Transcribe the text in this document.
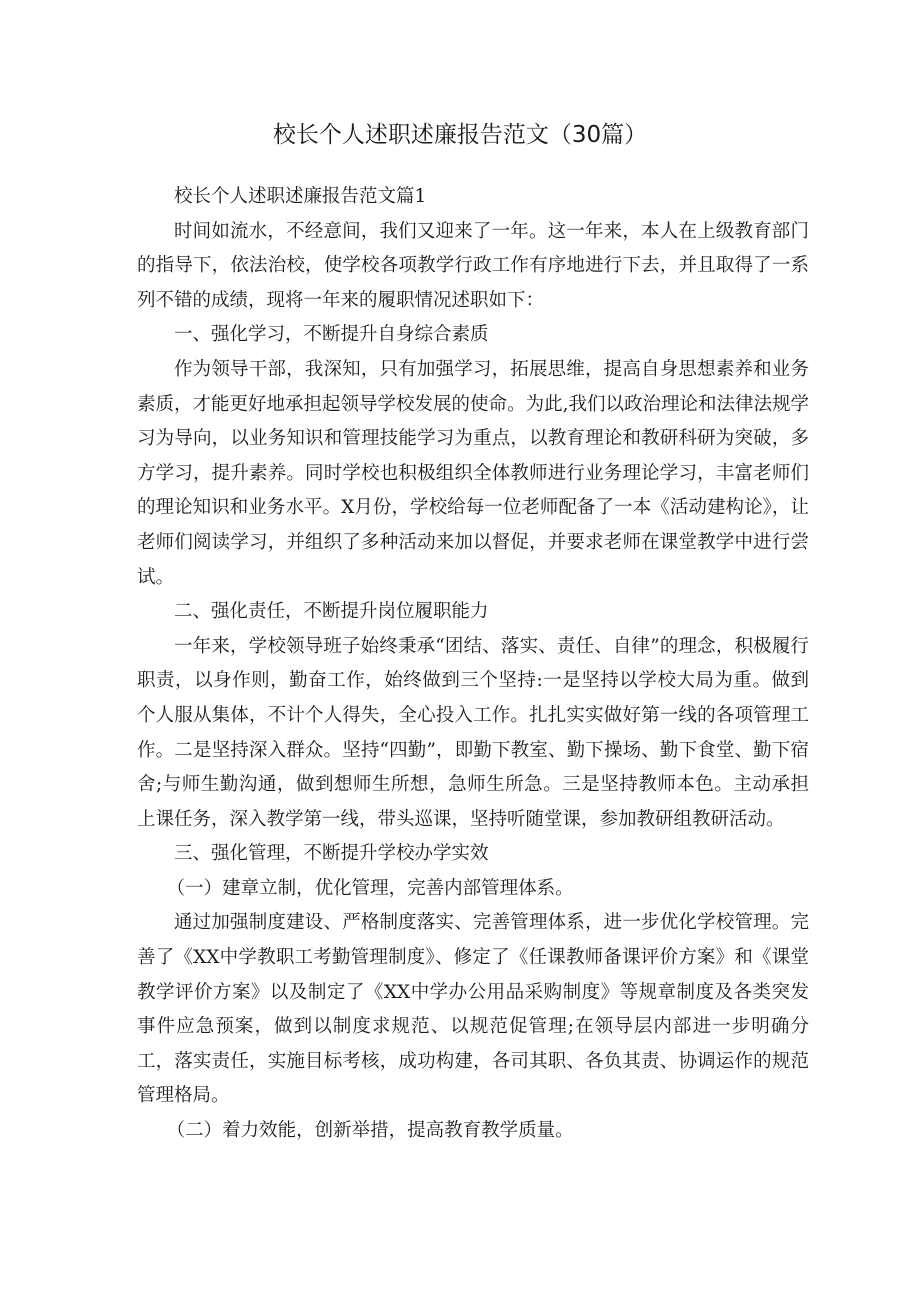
校长个人述职述廉报告范文（30篇）

校长个人述职述廉报告范文篇1

时间如流水，不经意间，我们又迎来了一年。这一年来，本人在上级教育部门的指导下，依法治校，使学校各项教学行政工作有序地进行下去，并且取得了一系列不错的成绩，现将一年来的履职情况述职如下：

一、强化学习，不断提升自身综合素质

作为领导干部，我深知，只有加强学习，拓展思维，提高自身思想素养和业务素质，才能更好地承担起领导学校发展的使命。为此,我们以政治理论和法律法规学习为导向，以业务知识和管理技能学习为重点，以教育理论和教研科研为突破，多方学习，提升素养。同时学校也积极组织全体教师进行业务理论学习，丰富老师们的理论知识和业务水平。X月份，学校给每一位老师配备了一本《活动建构论》，让老师们阅读学习，并组织了多种活动来加以督促，并要求老师在课堂教学中进行尝试。

二、强化责任，不断提升岗位履职能力

一年来，学校领导班子始终秉承“团结、落实、责任、自律”的理念，积极履行职责，以身作则，勤奋工作，始终做到三个坚持:一是坚持以学校大局为重。做到个人服从集体，不计个人得失，全心投入工作。扎扎实实做好第一线的各项管理工作。二是坚持深入群众。坚持“四勤”，即勤下教室、勤下操场、勤下食堂、勤下宿舍;与师生勤沟通，做到想师生所想，急师生所急。三是坚持教师本色。主动承担上课任务，深入教学第一线，带头巡课，坚持听随堂课，参加教研组教研活动。

三、强化管理，不断提升学校办学实效

（一）建章立制，优化管理，完善内部管理体系。

通过加强制度建设、严格制度落实、完善管理体系，进一步优化学校管理。完善了《XX中学教职工考勤管理制度》、修定了《任课教师备课评价方案》和《课堂教学评价方案》以及制定了《XX中学办公用品采购制度》等规章制度及各类突发事件应急预案，做到以制度求规范、以规范促管理;在领导层内部进一步明确分工，落实责任，实施目标考核，成功构建，各司其职、各负其责、协调运作的规范管理格局。

（二）着力效能，创新举措，提高教育教学质量。
